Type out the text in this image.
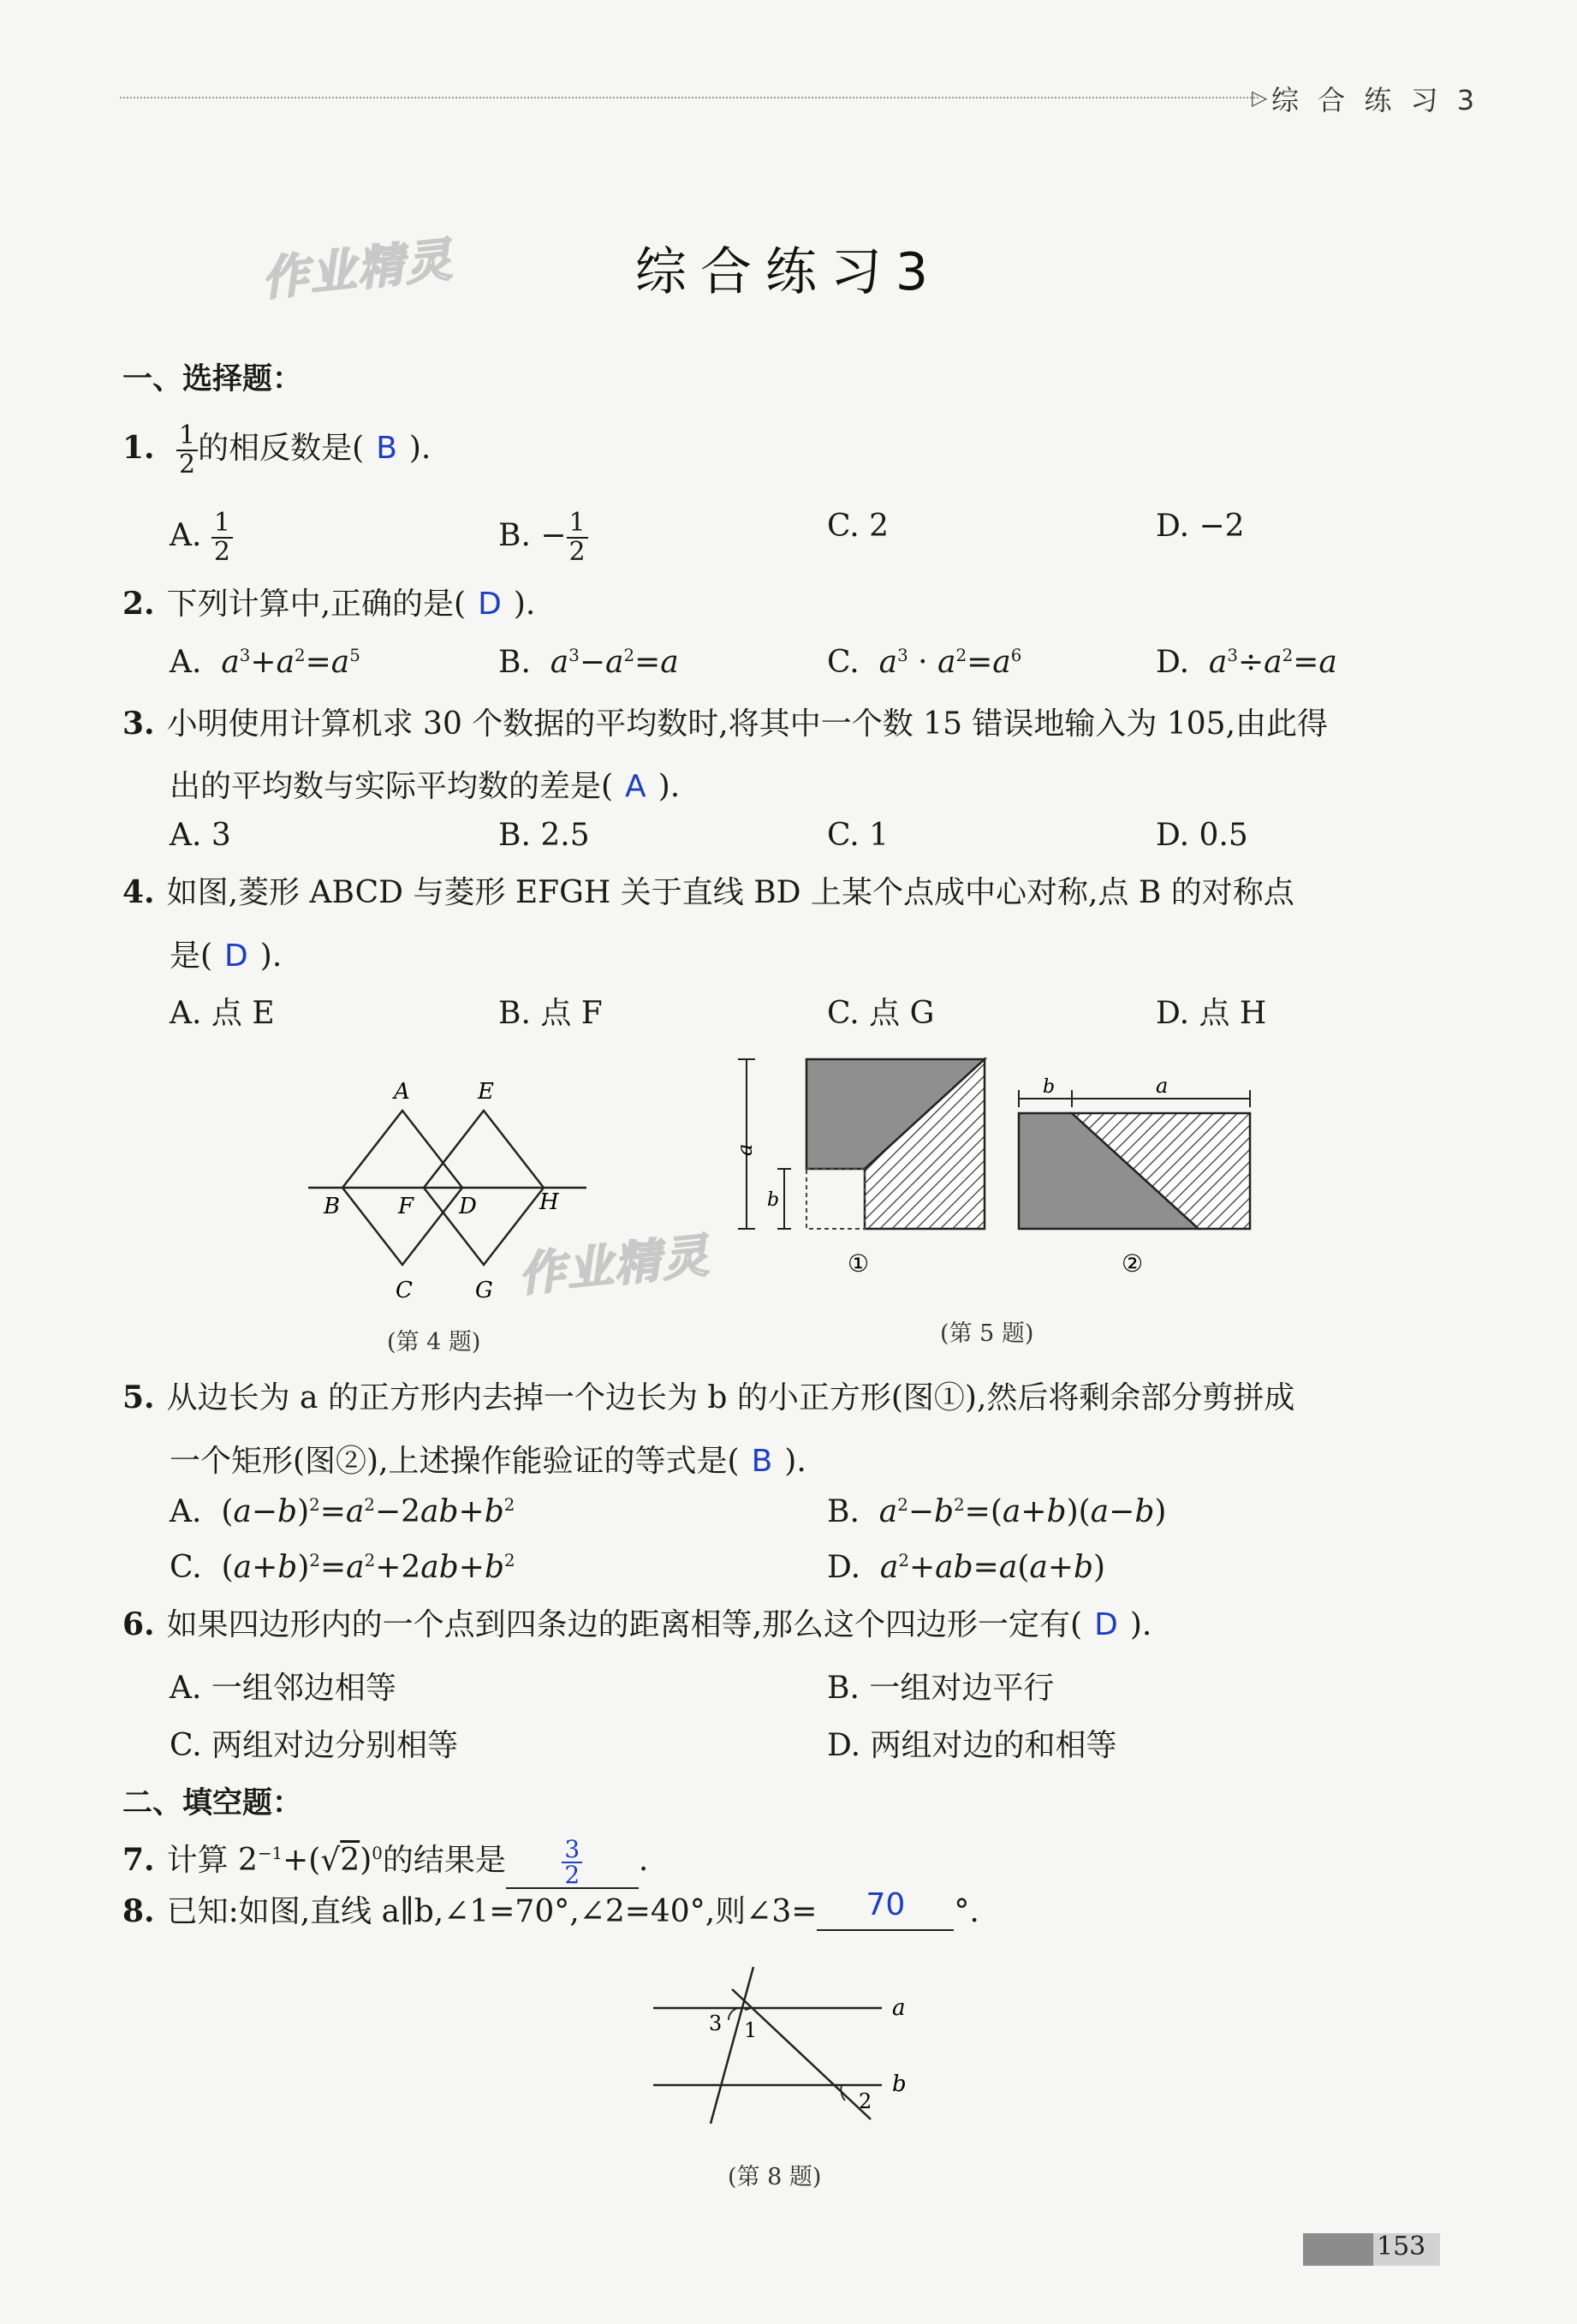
▷ 综 合 练 习 3
作业精灵	综合练习3
一、选择题：
1. $\frac{1}{2}$ 的相反数是( B ).
A. $\frac{1}{2}$	B. − $\frac{1}{2}$	C. 2	D. −2
2. 下列计算中,正确的是( D ).
A.  $a^3+a^2=a^5$	B.  $a^3-a^2=a$	C.  $a^3 \cdot a^2=a^6$	D.  $a^3\div a^2=a$
3. 小明使用计算机求 30 个数据的平均数时,将其中一个数 15 错误地输入为 105,由此得
出的平均数与实际平均数的差是( A ).
A. 3	B. 2.5	C. 1	D. 0.5
4. 如图,菱形 ABCD 与菱形 EFGH 关于直线 BD 上某个点成中心对称,点 B 的对称点
是( D ).
A. 点 E	B. 点 F	C. 点 G	D. 点 H
A	E
B	F D	H
C	G 作业精灵
(第 4 题)
a
b
①
b	a
②
(第 5 题)
5. 从边长为 a 的正方形内去掉一个边长为 b 的小正方形(图①),然后将剩余部分剪拼成
一个矩形(图②),上述操作能验证的等式是( B ).
A.  $(a-b)^2=a^2-2ab+b^2$	B.  $a^2-b^2=(a+b)(a-b)$
C.  $(a+b)^2=a^2+2ab+b^2$	D.  $a^2+ab=a(a+b)$
6. 如果四边形内的一个点到四条边的距离相等,那么这个四边形一定有( D ).
A. 一组邻边相等	B. 一组对边平行
C. 两组对边分别相等	D. 两组对边的和相等
二、填空题：
7. 计算 $2^{-1}+(√2)^0$的结果是 $\frac{3}{2}$ .
8. 已知:如图,直线 a∥b,∠1=70°,∠2=40°,则∠3= 70 °.
a
b
1
2
3
(第 8 题)
153
